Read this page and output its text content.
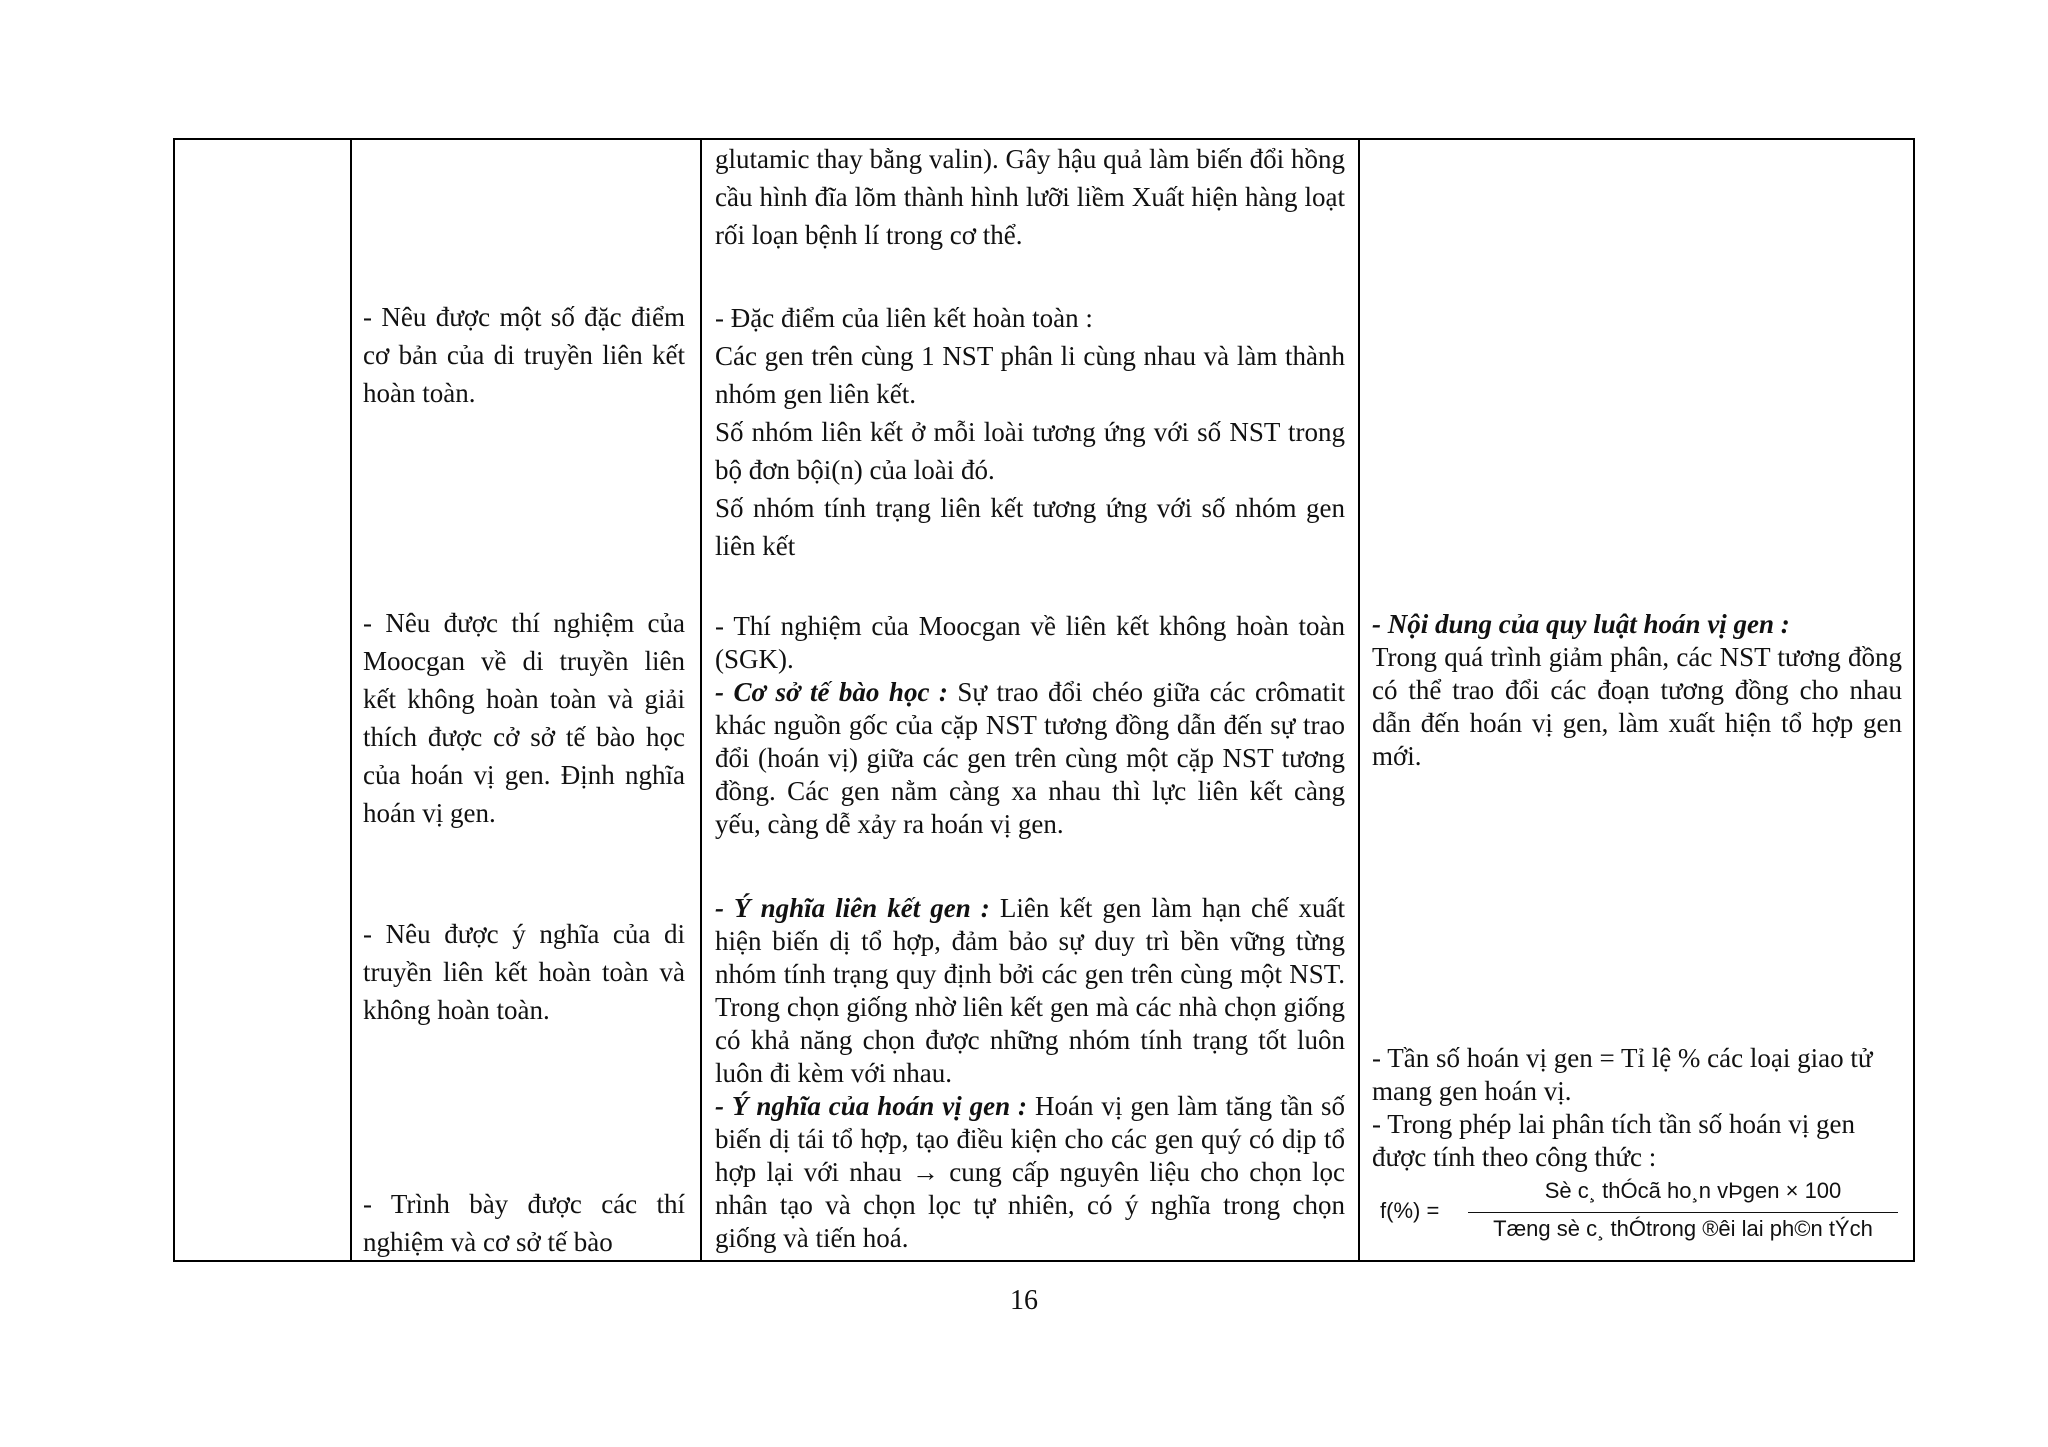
- Nêu được một số đặc điểm cơ bản của di truyền liên kết hoàn toàn.
- Nêu được thí nghiệm của Moocgan về di truyền liên kết không hoàn toàn và giải thích được cở sở tế bào học của hoán vị gen. Định nghĩa hoán vị gen.
- Nêu được ý nghĩa của di truyền liên kết hoàn toàn và không hoàn toàn.
- Trình bày được các thí nghiệm và cơ sở tế bào
glutamic thay bằng valin). Gây hậu quả làm biến đổi hồng cầu hình đĩa lõm thành hình lưỡi liềm Xuất hiện hàng loạt rối loạn bệnh lí trong cơ thể.

- Đặc điểm của liên kết hoàn toàn :

Các gen trên cùng 1 NST phân li cùng nhau và làm thành nhóm gen liên kết.

Số nhóm liên kết ở mỗi loài tương ứng với số NST trong bộ đơn bội(n) của loài đó.

Số nhóm tính trạng liên kết tương ứng với số nhóm gen liên kết

- Thí nghiệm của Moocgan về liên kết không hoàn toàn (SGK).

- Cơ sở tế bào học : Sự trao đổi chéo giữa các crômatit khác nguồn gốc của cặp NST tương đồng dẫn đến sự trao đổi (hoán vị) giữa các gen trên cùng một cặp NST tương đồng. Các gen nằm càng xa nhau thì lực liên kết càng yếu, càng dễ xảy ra hoán vị gen.

- Ý nghĩa liên kết gen : Liên kết gen làm hạn chế xuất hiện biến dị tổ hợp, đảm bảo sự duy trì bền vững từng nhóm tính trạng quy định bởi các gen trên cùng một NST. Trong chọn giống nhờ liên kết gen mà các nhà chọn giống có khả năng chọn được những nhóm tính trạng tốt luôn luôn đi kèm với nhau.

- Ý nghĩa của hoán vị gen : Hoán vị gen làm tăng tần số biến dị tái tổ hợp, tạo điều kiện cho các gen quý có dịp tổ hợp lại với nhau → cung cấp nguyên liệu cho chọn lọc nhân tạo và chọn lọc tự nhiên, có ý nghĩa trong chọn giống và tiến hoá.

- Nội dung của quy luật hoán vị gen :

Trong quá trình giảm phân, các NST tương đồng có thể trao đổi các đoạn tương đồng cho nhau dẫn đến hoán vị gen, làm xuất hiện tổ hợp gen mới.

- Tần số hoán vị gen = Tỉ lệ % các loại giao tử mang gen hoán vị.

- Trong phép lai phân tích tần số hoán vị gen được tính theo công thức :

f(%) =
Sè c¸ thÓcã ho¸n vÞgen × 100
Tæng sè c¸ thÓtrong ®êi lai ph©n tÝch
16
